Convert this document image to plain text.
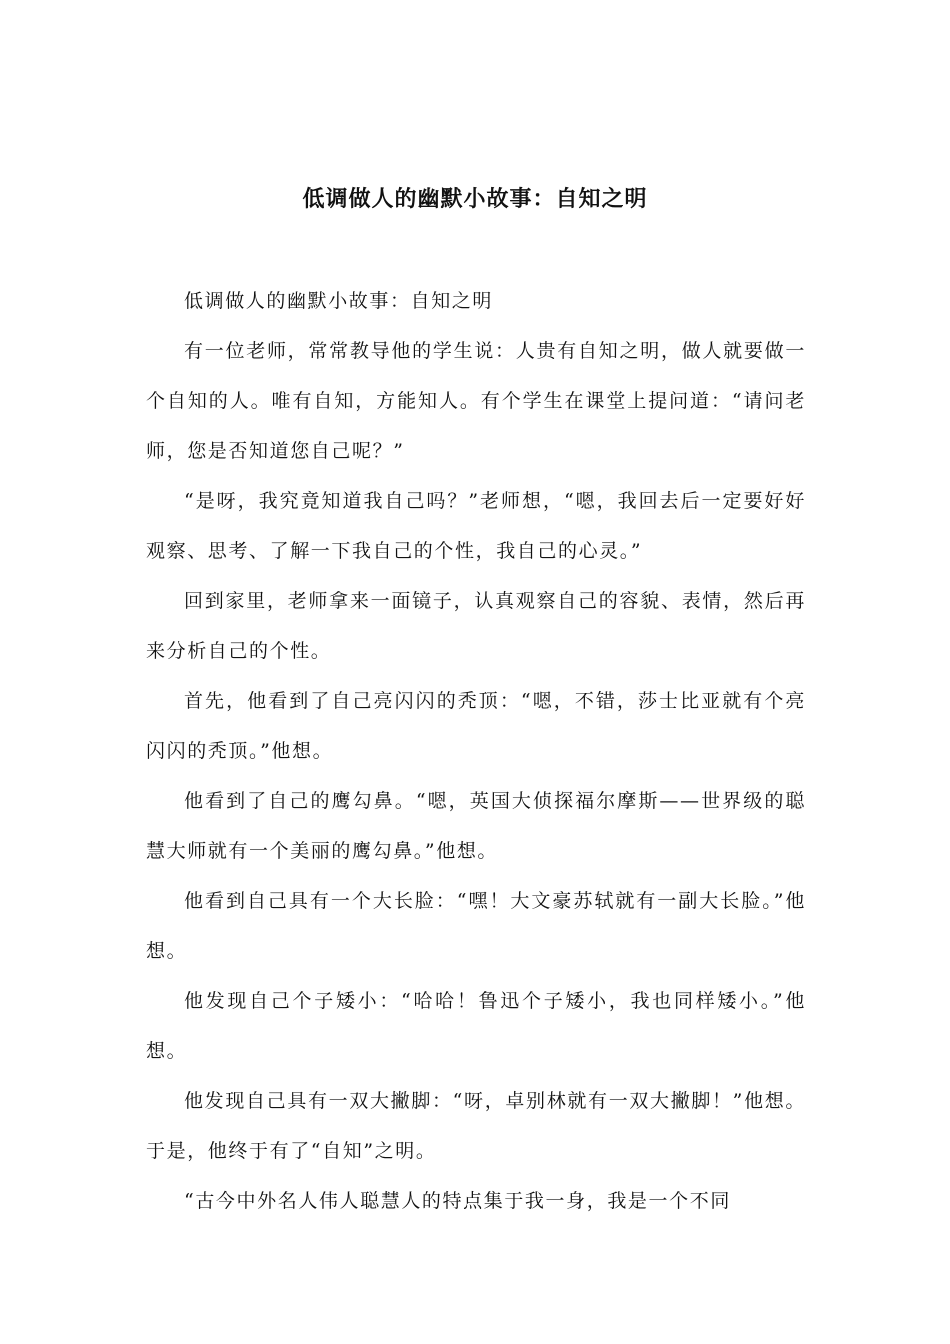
低调做人的幽默小故事：自知之明

低调做人的幽默小故事：自知之明

有一位老师，常常教导他的学生说：人贵有自知之明，做人就要做一个自知的人。唯有自知，方能知人。有个学生在课堂上提问道：“请问老师，您是否知道您自己呢？”

“是呀，我究竟知道我自己吗？”老师想，“嗯，我回去后一定要好好观察、思考、了解一下我自己的个性，我自己的心灵。”

回到家里，老师拿来一面镜子，认真观察自己的容貌、表情，然后再来分析自己的个性。

首先，他看到了自己亮闪闪的秃顶：“嗯，不错，莎士比亚就有个亮闪闪的秃顶。”他想。

他看到了自己的鹰勾鼻。“嗯，英国大侦探福尔摩斯——世界级的聪慧大师就有一个美丽的鹰勾鼻。”他想。

他看到自己具有一个大长脸：“嘿！大文豪苏轼就有一副大长脸。”他想。

他发现自己个子矮小：“哈哈！鲁迅个子矮小，我也同样矮小。”他想。

他发现自己具有一双大撇脚：“呀，卓别林就有一双大撇脚！”他想。于是，他终于有了“自知”之明。

“古今中外名人伟人聪慧人的特点集于我一身，我是一个不同
